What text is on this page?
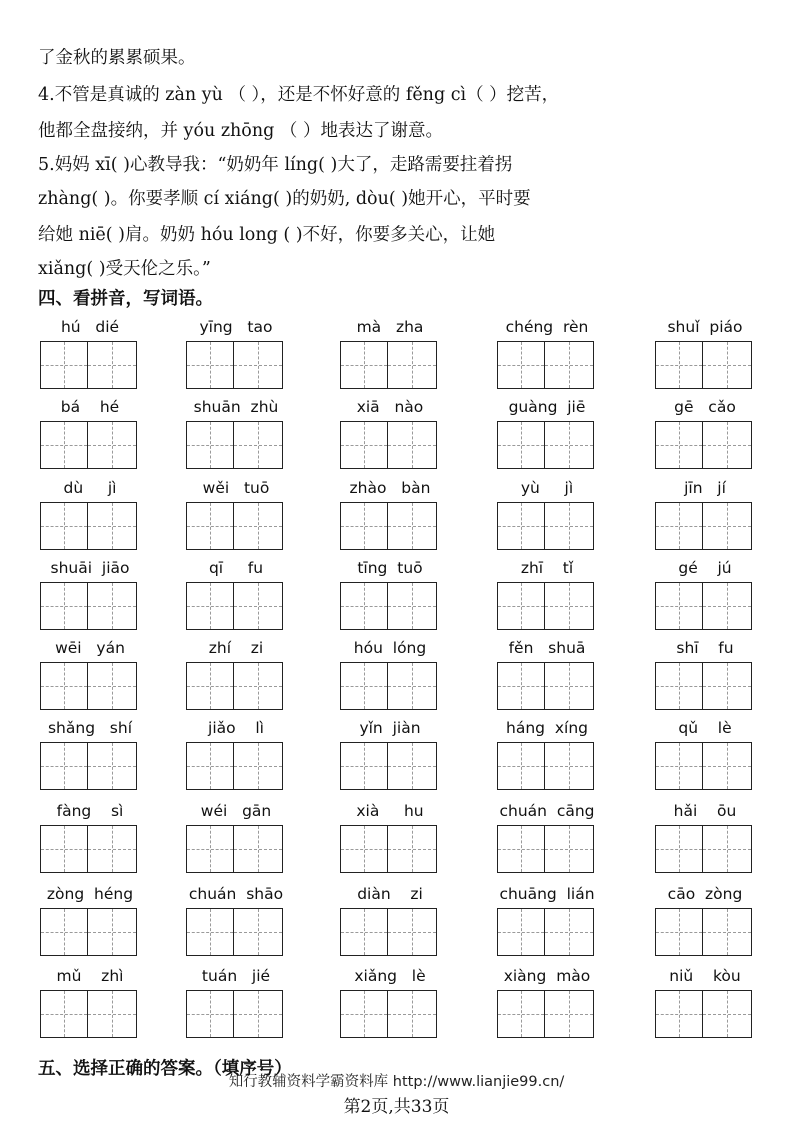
了金秋的累累硕果。
4.不管是真诚的 zàn yù （ ），还是不怀好意的 fěng cì（ ）挖苦，
他都全盘接纳，并 yóu zhōng （ ）地表达了谢意。
5.妈妈 xī( )心教导我：“奶奶年 líng( )大了，走路需要拄着拐
zhàng( )。你要孝顺 cí xiáng( )的奶奶, dòu( )她开心，平时要
给她 niē( )肩。奶奶 hóu long ( )不好，你要多关心，让她
xiǎng( )受天伦之乐。”
四、看拼音，写词语。
hú   dié	yīng   tao	mà   zha	chéng  rèn	shuǐ  piáo
bá    hé	shuān  zhù	xiā   nào	guàng  jiē	gē   cǎo
dù     jì	wěi   tuō	zhào   bàn	yù     jì	jīn   jí
shuāi  jiāo	qī     fu	tīng  tuō	zhī    tǐ	gé    jú
wēi   yán	zhí    zi	hóu  lóng	fěn   shuā	shī    fu
shǎng   shí	jiǎo    lì	yǐn  jiàn	háng  xíng	qǔ    lè
fàng    sì	wéi   gān	xià     hu	chuán  cāng	hǎi    ōu
zòng  héng	chuán  shāo	diàn    zi	chuāng  lián	cāo  zòng
mǔ    zhì	tuán   jié	xiǎng   lè	xiàng  mào	niǔ    kòu
五、选择正确的答案。（填序号）
知行教辅资料学霸资料库 http://www.lianjie99.cn/
第2页,共33页
